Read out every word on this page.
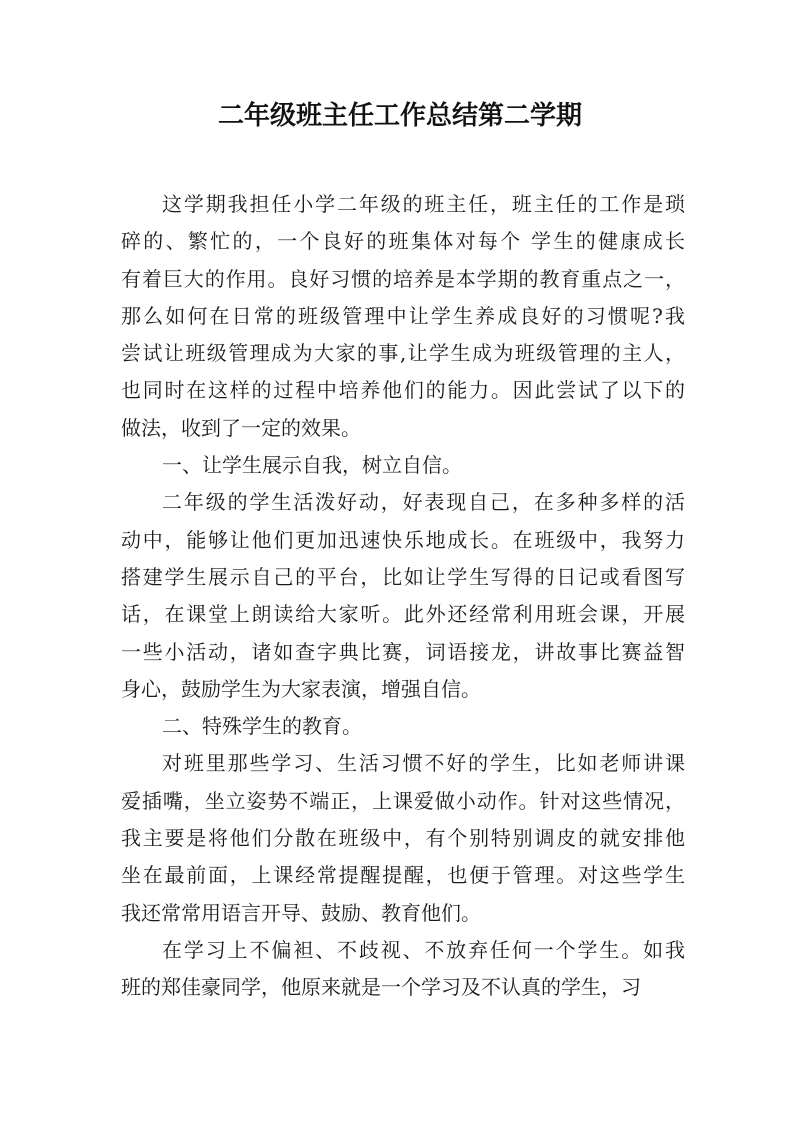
二年级班主任工作总结第二学期
这学期我担任小学二年级的班主任，班主任的工作是琐
碎的、繁忙的，一个良好的班集体对每个 学生的健康成长
有着巨大的作用。良好习惯的培养是本学期的教育重点之一，
那么如何在日常的班级管理中让学生养成良好的习惯呢?我
尝试让班级管理成为大家的事,让学生成为班级管理的主人，
也同时在这样的过程中培养他们的能力。因此尝试了以下的
做法，收到了一定的效果。
一、让学生展示自我，树立自信。
二年级的学生活泼好动，好表现自己，在多种多样的活
动中，能够让他们更加迅速快乐地成长。在班级中，我努力
搭建学生展示自己的平台，比如让学生写得的日记或看图写
话，在课堂上朗读给大家听。此外还经常利用班会课，开展
一些小活动，诸如查字典比赛，词语接龙，讲故事比赛益智
身心，鼓励学生为大家表演，增强自信。
二、特殊学生的教育。
对班里那些学习、生活习惯不好的学生，比如老师讲课
爱插嘴，坐立姿势不端正，上课爱做小动作。针对这些情况，
我主要是将他们分散在班级中，有个别特别调皮的就安排他
坐在最前面，上课经常提醒提醒，也便于管理。对这些学生
我还常常用语言开导、鼓励、教育他们。
在学习上不偏袒、不歧视、不放弃任何一个学生。如我
班的郑佳豪同学，他原来就是一个学习及不认真的学生，习
